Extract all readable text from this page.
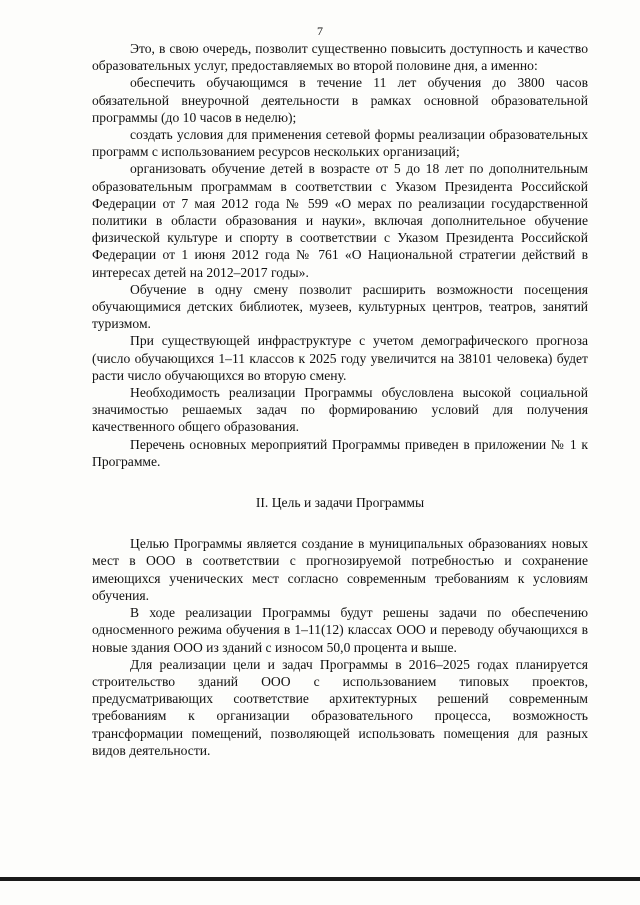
7

Это, в свою очередь, позволит существенно повысить доступность и качество образовательных услуг, предоставляемых во второй половине дня, а именно:

обеспечить обучающимся в течение 11 лет обучения до 3800 часов обязательной внеурочной деятельности в рамках основной образовательной программы (до 10 часов в неделю);

создать условия для применения сетевой формы реализации образовательных программ с использованием ресурсов нескольких организаций;

организовать обучение детей в возрасте от 5 до 18 лет по дополнительным образовательным программам в соответствии с Указом Президента Российской Федерации от 7 мая 2012 года № 599 «О мерах по реализации государственной политики в области образования и науки», включая дополнительное обучение физической культуре и спорту в соответствии с Указом Президента Российской Федерации от 1 июня 2012 года № 761 «О Национальной стратегии действий в интересах детей на 2012–2017 годы».

Обучение в одну смену позволит расширить возможности посещения обучающимися детских библиотек, музеев, культурных центров, театров, занятий туризмом.

При существующей инфраструктуре с учетом демографического прогноза (число обучающихся 1–11 классов к 2025 году увеличится на 38101 человека) будет расти число обучающихся во вторую смену.

Необходимость реализации Программы обусловлена высокой социальной значимостью решаемых задач по формированию условий для получения качественного общего образования.

Перечень основных мероприятий Программы приведен в приложении № 1 к Программе.

II. Цель и задачи Программы

Целью Программы является создание в муниципальных образованиях новых мест в ООО в соответствии с прогнозируемой потребностью и сохранение имеющихся ученических мест согласно современным требованиям к условиям обучения.

В ходе реализации Программы будут решены задачи по обеспечению односменного режима обучения в 1–11(12) классах ООО и переводу обучающихся в новые здания ООО из зданий с износом 50,0 процента и выше.

Для реализации цели и задач Программы в 2016–2025 годах планируется строительство зданий ООО с использованием типовых проектов, предусматривающих соответствие архитектурных решений современным требованиям к организации образовательного процесса, возможность трансформации помещений, позволяющей использовать помещения для разных видов деятельности.
